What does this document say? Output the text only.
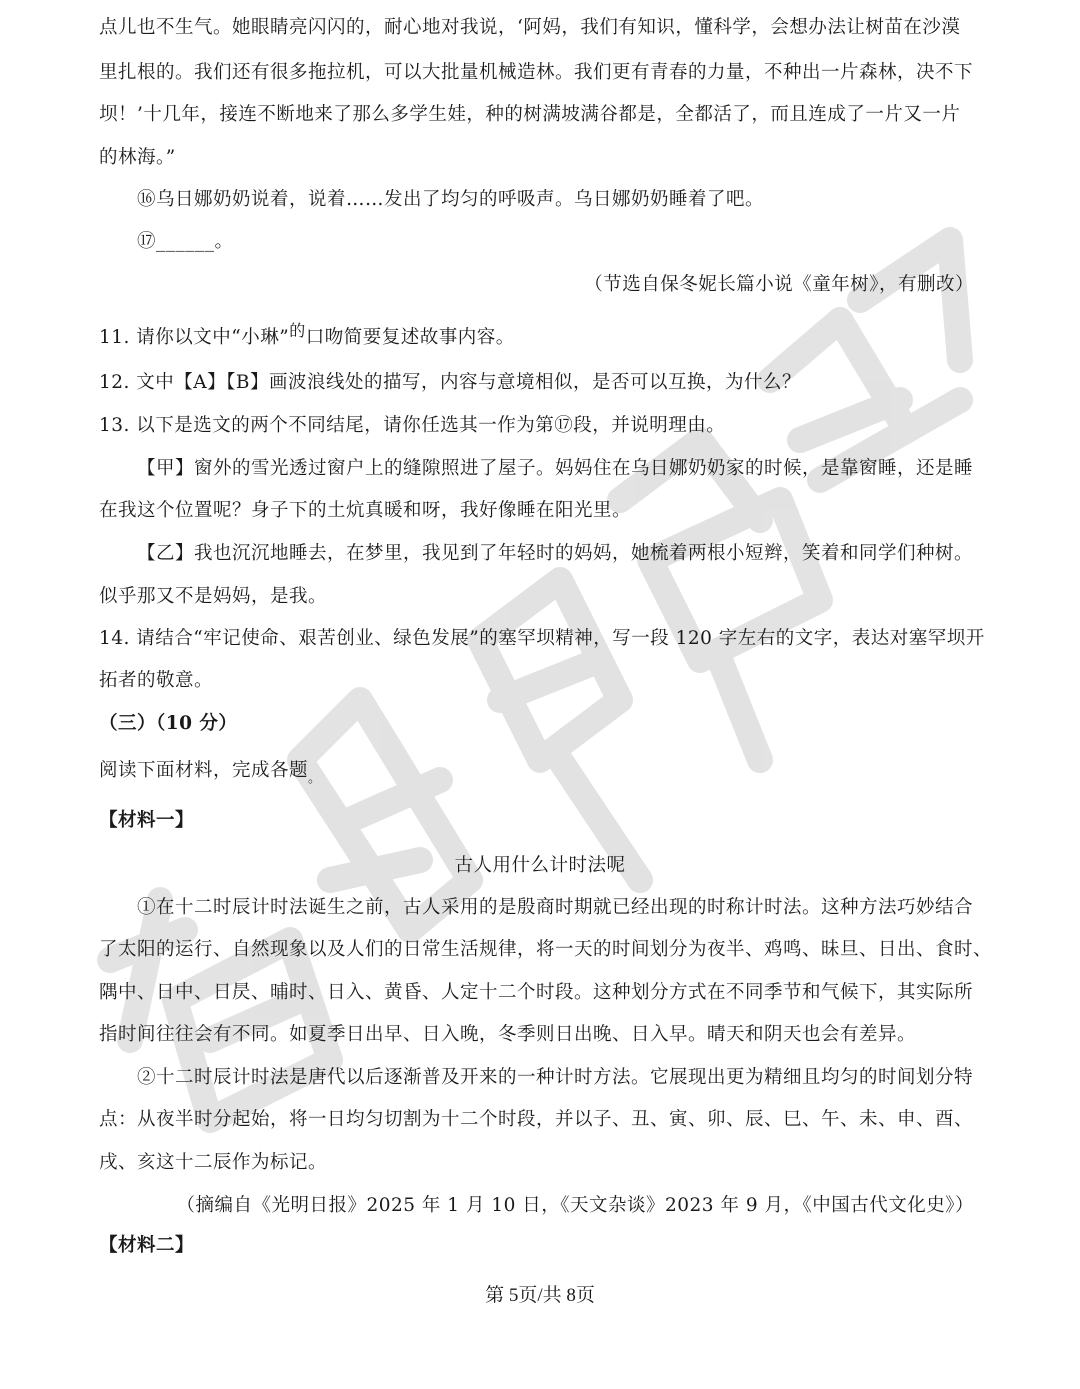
点儿也不生气。她眼睛亮闪闪的，耐心地对我说，‘阿妈，我们有知识，懂科学，会想办法让树苗在沙漠
里扎根的。我们还有很多拖拉机，可以大批量机械造林。我们更有青春的力量，不种出一片森林，决不下
坝！’十几年，接连不断地来了那么多学生娃，种的树满坡满谷都是，全都活了，而且连成了一片又一片
的林海。”
⑯乌日娜奶奶说着，说着……发出了均匀的呼吸声。乌日娜奶奶睡着了吧。
⑰______。
（节选自保冬妮长篇小说《童年树》，有删改）
11. 请你以文中“小琳”的口吻简要复述故事内容。
12. 文中【A】【B】画波浪线处的描写，内容与意境相似，是否可以互换，为什么？
13. 以下是选文的两个不同结尾，请你任选其一作为第⑰段，并说明理由。
【甲】窗外的雪光透过窗户上的缝隙照进了屋子。妈妈住在乌日娜奶奶家的时候，是靠窗睡，还是睡
在我这个位置呢？身子下的土炕真暖和呀，我好像睡在阳光里。
【乙】我也沉沉地睡去，在梦里，我见到了年轻时的妈妈，她梳着两根小短辫，笑着和同学们种树。
似乎那又不是妈妈，是我。
14. 请结合“牢记使命、艰苦创业、绿色发展”的塞罕坝精神，写一段 120 字左右的文字，表达对塞罕坝开
拓者的敬意。
（三）（10 分）
阅读下面材料，完成各题$_。$
【材料一】
古人用什么计时法呢
①在十二时辰计时法诞生之前，古人采用的是殷商时期就已经出现的时称计时法。这种方法巧妙结合
了太阳的运行、自然现象以及人们的日常生活规律，将一天的时间划分为夜半、鸡鸣、昧旦、日出、食时、
隅中、日中、日昃、晡时、日入、黄昏、人定十二个时段。这种划分方式在不同季节和气候下，其实际所
指时间往往会有不同。如夏季日出早、日入晚，冬季则日出晚、日入早。晴天和阴天也会有差异。
②十二时辰计时法是唐代以后逐渐普及开来的一种计时方法。它展现出更为精细且均匀的时间划分特
点：从夜半时分起始，将一日均匀切割为十二个时段，并以子、丑、寅、卯、辰、巳、午、未、申、酉、
戌、亥这十二辰作为标记。
（摘编自《光明日报》2025 年 1 月 10 日，《天文杂谈》2023 年 9 月，《中国古代文化史》）
【材料二】
第 5页/共 8页
